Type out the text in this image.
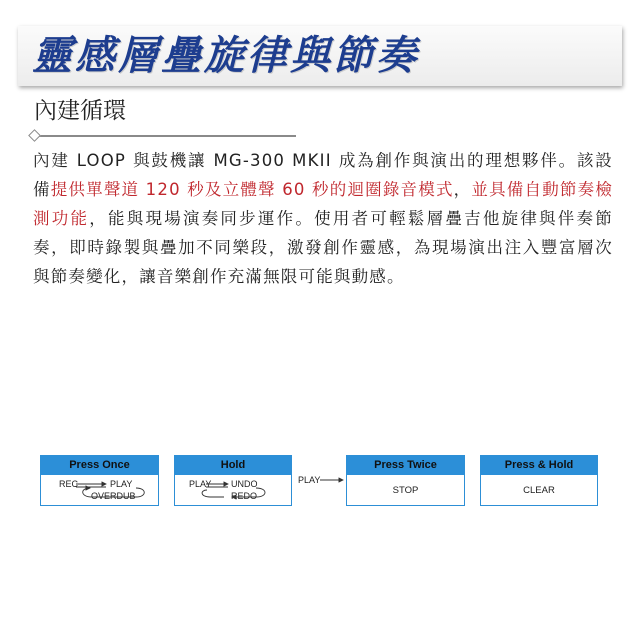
靈感層疊旋律與節奏
內建循環
內建 LOOP 與鼓機讓 MG-300 MKII 成為創作與演出的理想夥伴。該設備提供單聲道 120 秒及立體聲 60 秒的迴圈錄音模式，並具備自動節奏檢測功能，能與現場演奏同步運作。使用者可輕鬆層疊吉他旋律與伴奏節奏，即時錄製與疊加不同樂段，激發創作靈感，為現場演出注入豐富層次與節奏變化，讓音樂創作充滿無限可能與動感。
Press Once
REC	PLAY
OVERDUB
Hold
PLAY UNDO
REDO
PLAY
Press Twice
STOP
Press & Hold
CLEAR
